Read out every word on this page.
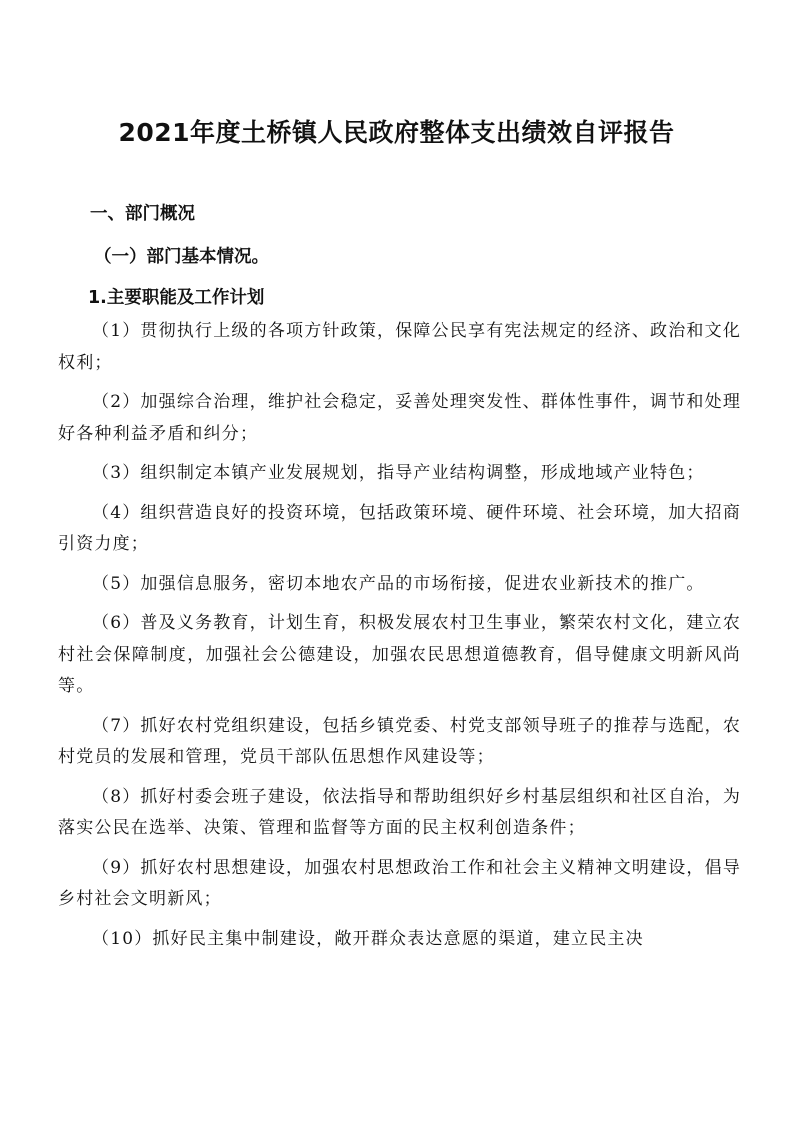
2021年度土桥镇人民政府整体支出绩效自评报告
一、部门概况
（一）部门基本情况。
1.主要职能及工作计划

（1）贯彻执行上级的各项方针政策，保障公民享有宪法规定的经济、政治和文化权利；

（2）加强综合治理，维护社会稳定，妥善处理突发性、群体性事件，调节和处理好各种利益矛盾和纠分；

（3）组织制定本镇产业发展规划，指导产业结构调整，形成地域产业特色；

（4）组织营造良好的投资环境，包括政策环境、硬件环境、社会环境，加大招商引资力度；

（5）加强信息服务，密切本地农产品的市场衔接，促进农业新技术的推广。

（6）普及义务教育，计划生育，积极发展农村卫生事业，繁荣农村文化，建立农村社会保障制度，加强社会公德建设，加强农民思想道德教育，倡导健康文明新风尚等。

（7）抓好农村党组织建设，包括乡镇党委、村党支部领导班子的推荐与选配，农村党员的发展和管理，党员干部队伍思想作风建设等；

（8）抓好村委会班子建设，依法指导和帮助组织好乡村基层组织和社区自治，为落实公民在选举、决策、管理和监督等方面的民主权利创造条件；

（9）抓好农村思想建设，加强农村思想政治工作和社会主义精神文明建设，倡导乡村社会文明新风；

（10）抓好民主集中制建设，敞开群众表达意愿的渠道，建立民主决
